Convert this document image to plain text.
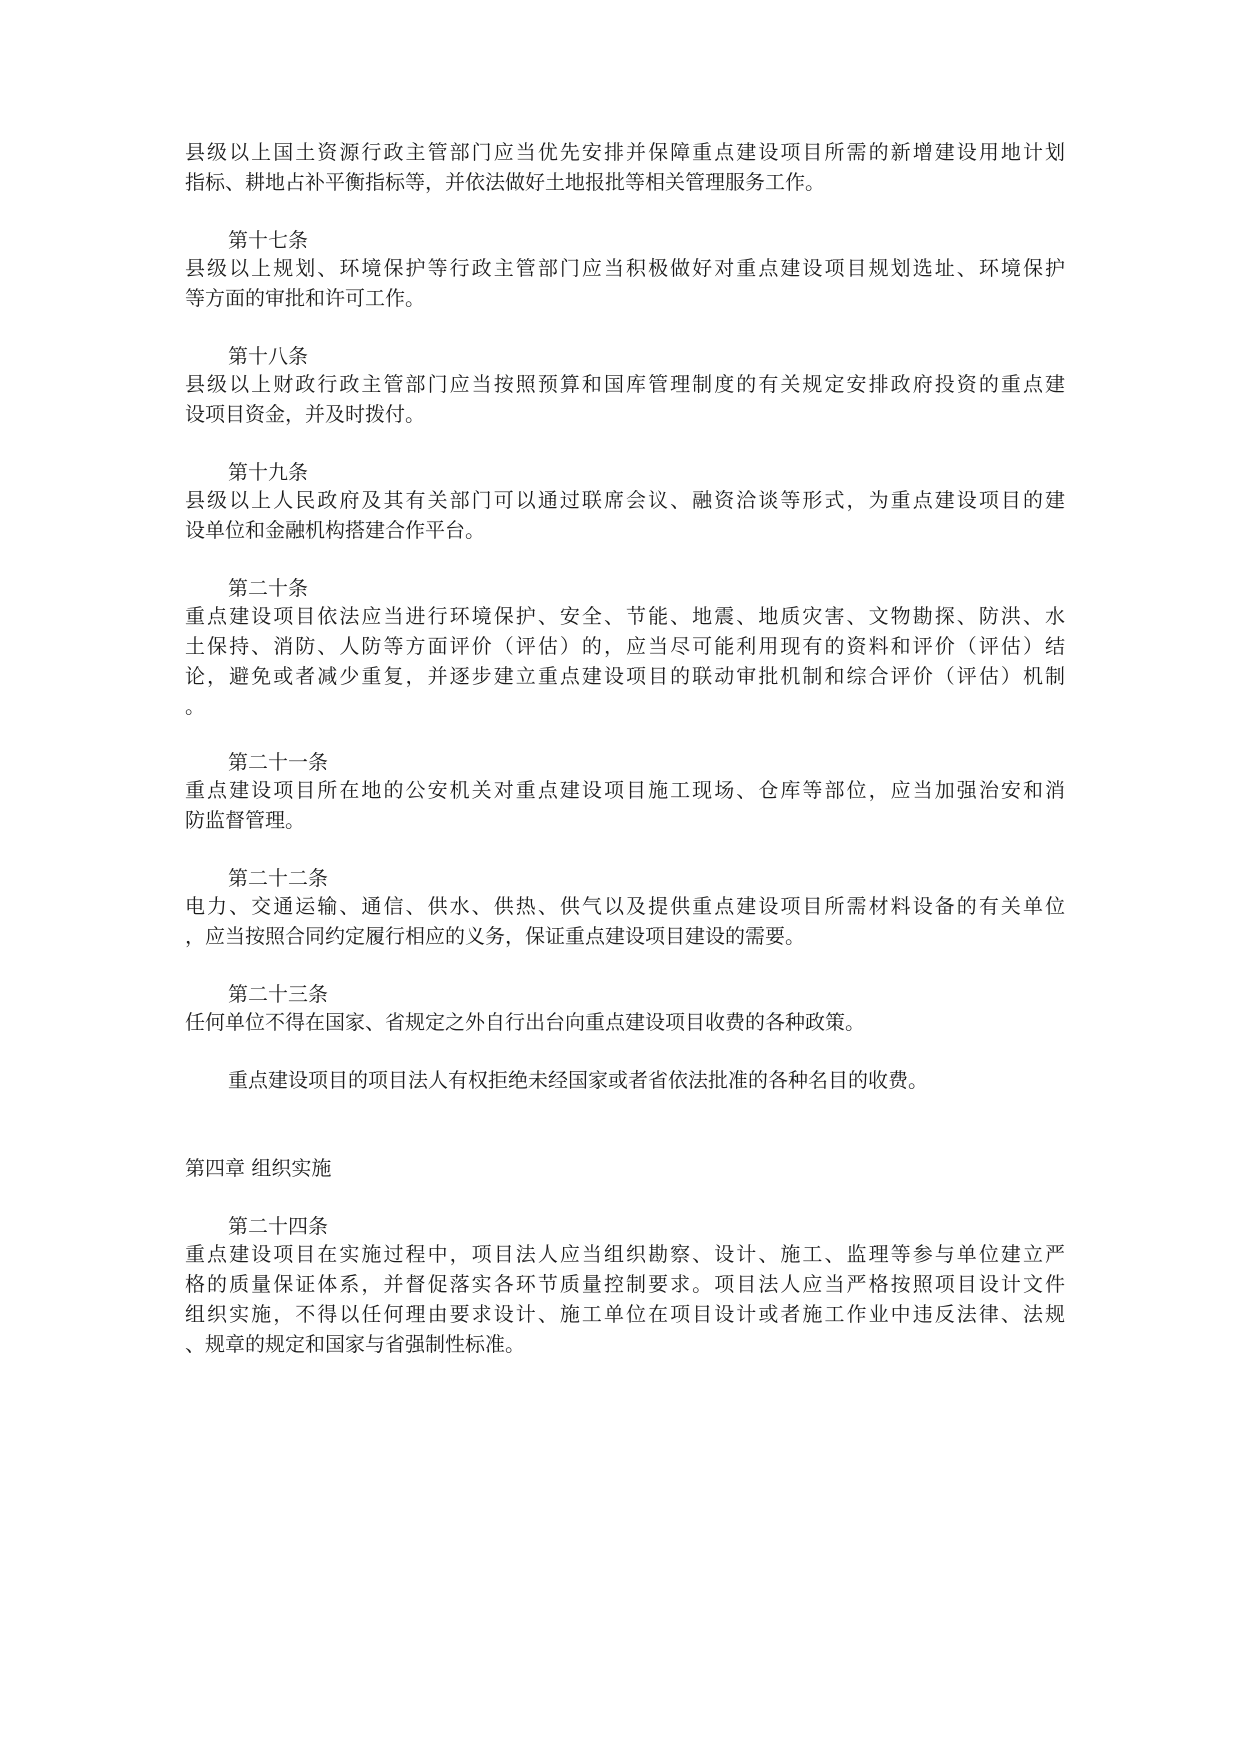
县级以上国土资源行政主管部门应当优先安排并保障重点建设项目所需的新增建设用地计划
指标、耕地占补平衡指标等，并依法做好土地报批等相关管理服务工作。
第十七条
县级以上规划、环境保护等行政主管部门应当积极做好对重点建设项目规划选址、环境保护
等方面的审批和许可工作。
第十八条
县级以上财政行政主管部门应当按照预算和国库管理制度的有关规定安排政府投资的重点建
设项目资金，并及时拨付。
第十九条
县级以上人民政府及其有关部门可以通过联席会议、融资洽谈等形式，为重点建设项目的建
设单位和金融机构搭建合作平台。
第二十条
重点建设项目依法应当进行环境保护、安全、节能、地震、地质灾害、文物勘探、防洪、水
土保持、消防、人防等方面评价（评估）的，应当尽可能利用现有的资料和评价（评估）结
论，避免或者减少重复，并逐步建立重点建设项目的联动审批机制和综合评价（评估）机制
。
第二十一条
重点建设项目所在地的公安机关对重点建设项目施工现场、仓库等部位，应当加强治安和消
防监督管理。
第二十二条
电力、交通运输、通信、供水、供热、供气以及提供重点建设项目所需材料设备的有关单位
，应当按照合同约定履行相应的义务，保证重点建设项目建设的需要。
第二十三条
任何单位不得在国家、省规定之外自行出台向重点建设项目收费的各种政策。
重点建设项目的项目法人有权拒绝未经国家或者省依法批准的各种名目的收费。
第四章 组织实施
第二十四条
重点建设项目在实施过程中，项目法人应当组织勘察、设计、施工、监理等参与单位建立严
格的质量保证体系，并督促落实各环节质量控制要求。项目法人应当严格按照项目设计文件
组织实施，不得以任何理由要求设计、施工单位在项目设计或者施工作业中违反法律、法规
、规章的规定和国家与省强制性标准。
